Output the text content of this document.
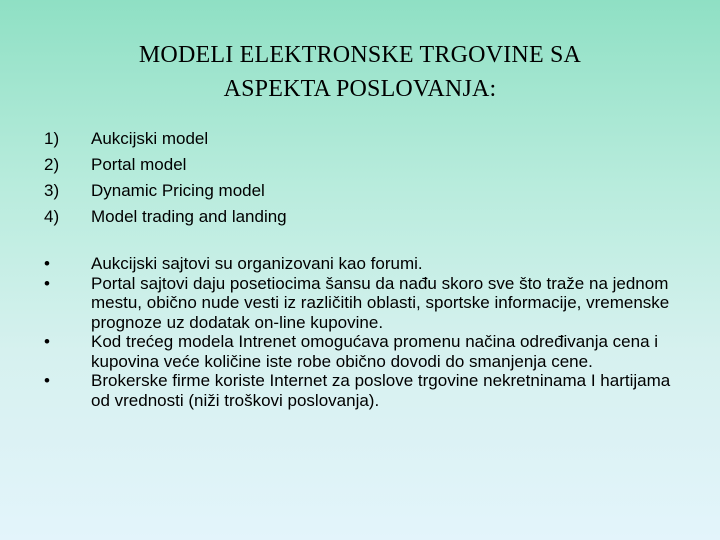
MODELI ELEKTRONSKE TRGOVINE SA
ASPEKTA POSLOVANJA:
1) Aukcijski model
2) Portal model
3) Dynamic Pricing model
4) Model trading and landing

• Aukcijski sajtovi su organizovani kao forumi.

• Portal sajtovi daju posetiocima šansu da nađu skoro sve što traže na jednom mestu, obično nude vesti iz različitih oblasti, sportske informacije, vremenske prognoze uz dodatak on-line kupovine.

• Kod trećeg modela Intrenet omogućava promenu načina određivanja cena i kupovina veće količine iste robe obično dovodi do smanjenja cene.

• Brokerske firme koriste Internet za poslove trgovine nekretninama I hartijama od vrednosti (niži troškovi poslovanja).
